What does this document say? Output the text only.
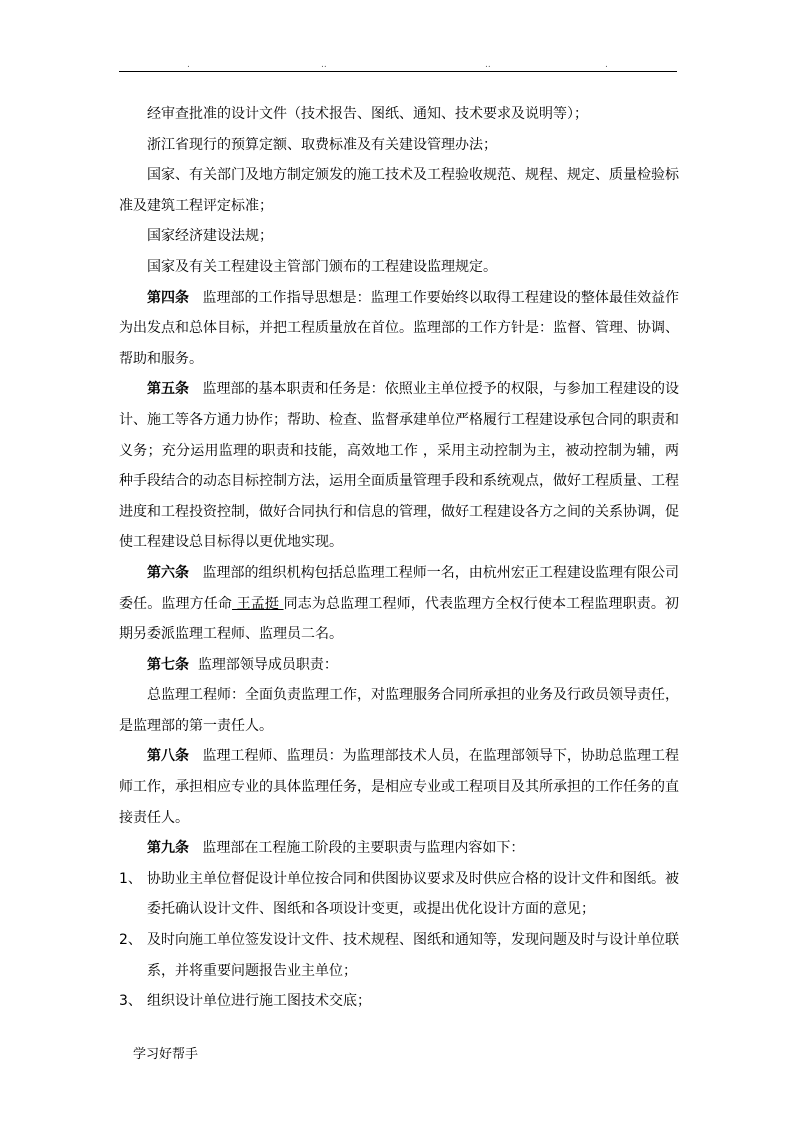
.	..	..	.

经审查批准的设计文件（技术报告、图纸、通知、技术要求及说明等）；

浙江省现行的预算定额、取费标准及有关建设管理办法；

国家、有关部门及地方制定颁发的施工技术及工程验收规范、规程、规定、质量检验标准及建筑工程评定标准；

国家经济建设法规；

国家及有关工程建设主管部门颁布的工程建设监理规定。

第四条 监理部的工作指导思想是：监理工作要始终以取得工程建设的整体最佳效益作为出发点和总体目标，并把工程质量放在首位。监理部的工作方针是：监督、管理、协调、帮助和服务。

第五条 监理部的基本职责和任务是：依照业主单位授予的权限，与参加工程建设的设计、施工等各方通力协作；帮助、检查、监督承建单位严格履行工程建设承包合同的职责和义务；充分运用监理的职责和技能，高效地工作 ，采用主动控制为主，被动控制为辅，两种手段结合的动态目标控制方法，运用全面质量管理手段和系统观点，做好工程质量、工程进度和工程投资控制，做好合同执行和信息的管理，做好工程建设各方之间的关系协调，促使工程建设总目标得以更优地实现。

第六条 监理部的组织机构包括总监理工程师一名，由杭州宏正工程建设监理有限公司委任。监理方任命 王孟挺 同志为总监理工程师，代表监理方全权行使本工程监理职责。初期另委派监理工程师、监理员二名。

第七条 监理部领导成员职责：

总监理工程师：全面负责监理工作，对监理服务合同所承担的业务及行政员领导责任，是监理部的第一责任人。

第八条 监理工程师、监理员：为监理部技术人员，在监理部领导下，协助总监理工程师工作，承担相应专业的具体监理任务，是相应专业或工程项目及其所承担的工作任务的直接责任人。

第九条 监理部在工程施工阶段的主要职责与监理内容如下：

1、 协助业主单位督促设计单位按合同和供图协议要求及时供应合格的设计文件和图纸。被
委托确认设计文件、图纸和各项设计变更，或提出优化设计方面的意见；
2、 及时向施工单位签发设计文件、技术规程、图纸和通知等，发现问题及时与设计单位联
系，并将重要问题报告业主单位；
3、 组织设计单位进行施工图技术交底；
学习好帮手
